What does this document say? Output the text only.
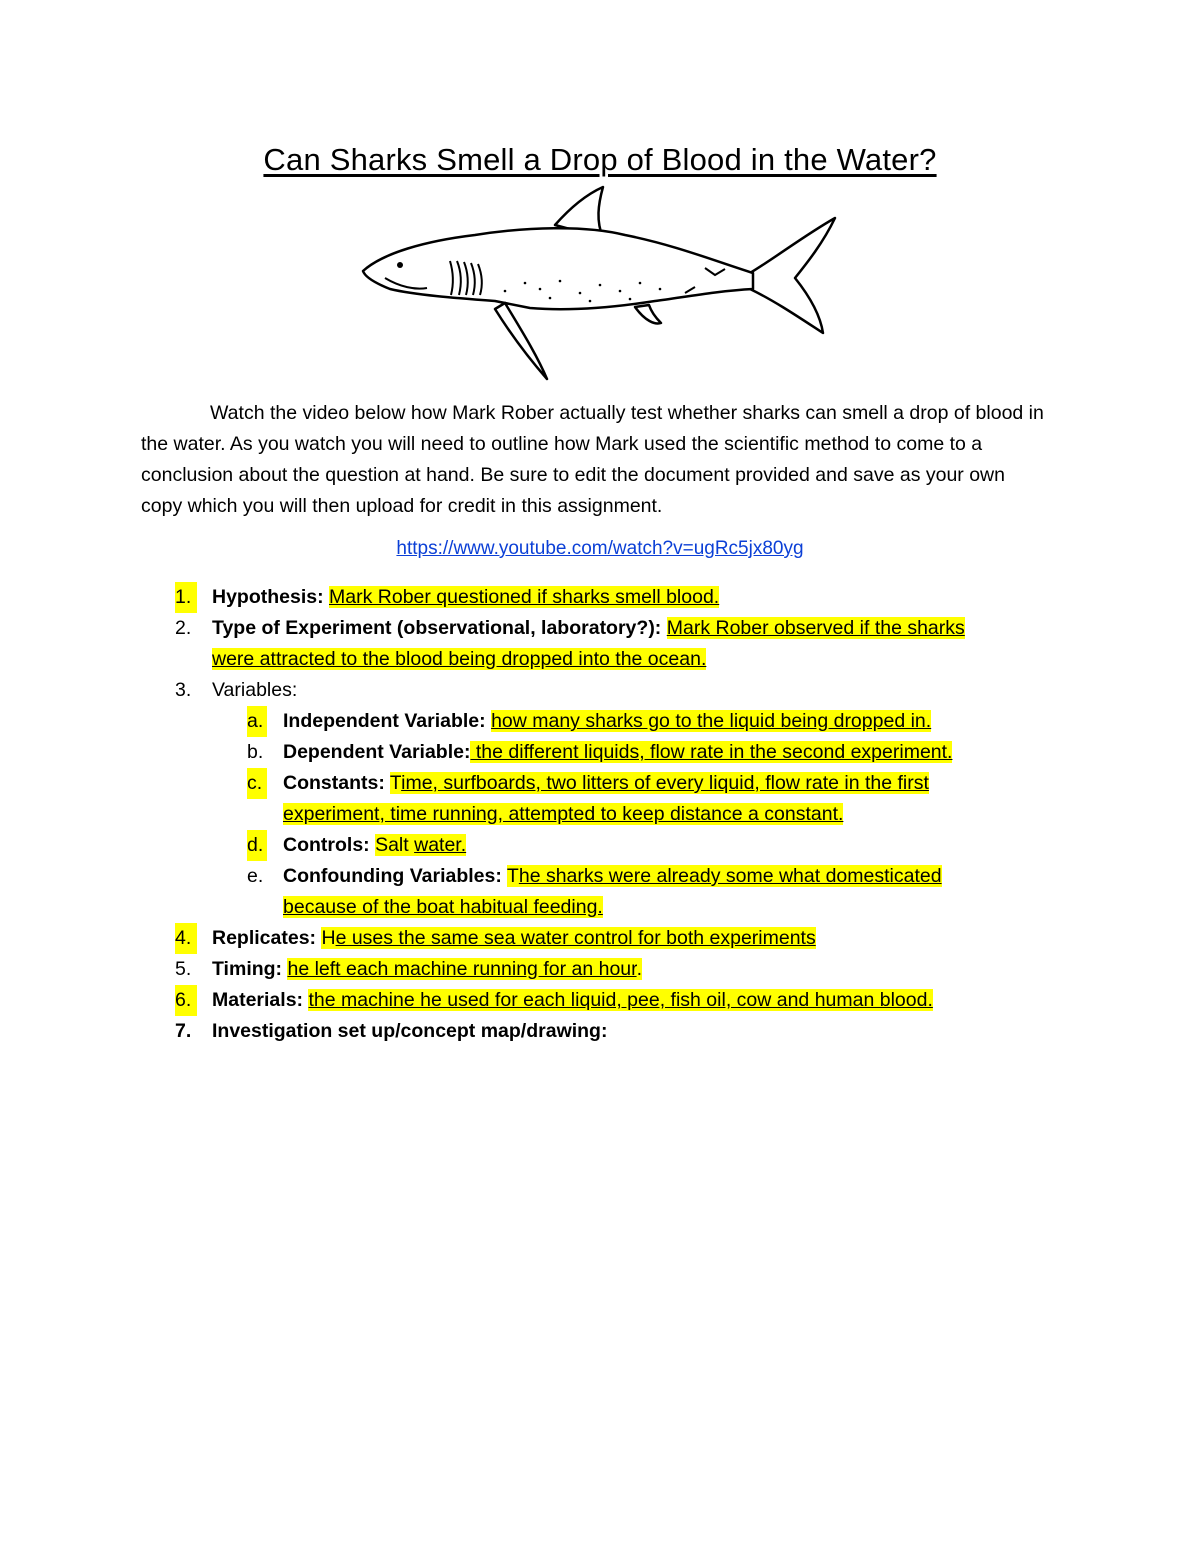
Can Sharks Smell a Drop of Blood in the Water?

Watch the video below how Mark Rober actually test whether sharks can smell a drop of blood in the water. As you watch you will need to outline how Mark used the scientific method to come to a conclusion about the question at hand. Be sure to edit the document provided and save as your own copy which you will then upload for credit in this assignment.

https://www.youtube.com/watch?v=ugRc5jx80yg
1. Hypothesis: Mark Rober questioned if sharks smell blood.
2.	Type of Experiment (observational, laboratory?): Mark Rober observed if the sharks
were attracted to the blood being dropped into the ocean.
3.	Variables:
a. Independent Variable: how many sharks go to the liquid being dropped in.
b.	Dependent Variable: the different liquids, flow rate in the second experiment.
c. Constants: Time, surfboards, two litters of every liquid, flow rate in the first
experiment, time running, attempted to keep distance a constant.
d. Controls: Salt water.
e.	Confounding Variables: The sharks were already some what domesticated
because of the boat habitual feeding.
4. Replicates: He uses the same sea water control for both experiments
5.	Timing: he left each machine running for an hour.
6. Materials: the machine he used for each liquid, pee, fish oil, cow and human blood.
7.	Investigation set up/concept map/drawing:
